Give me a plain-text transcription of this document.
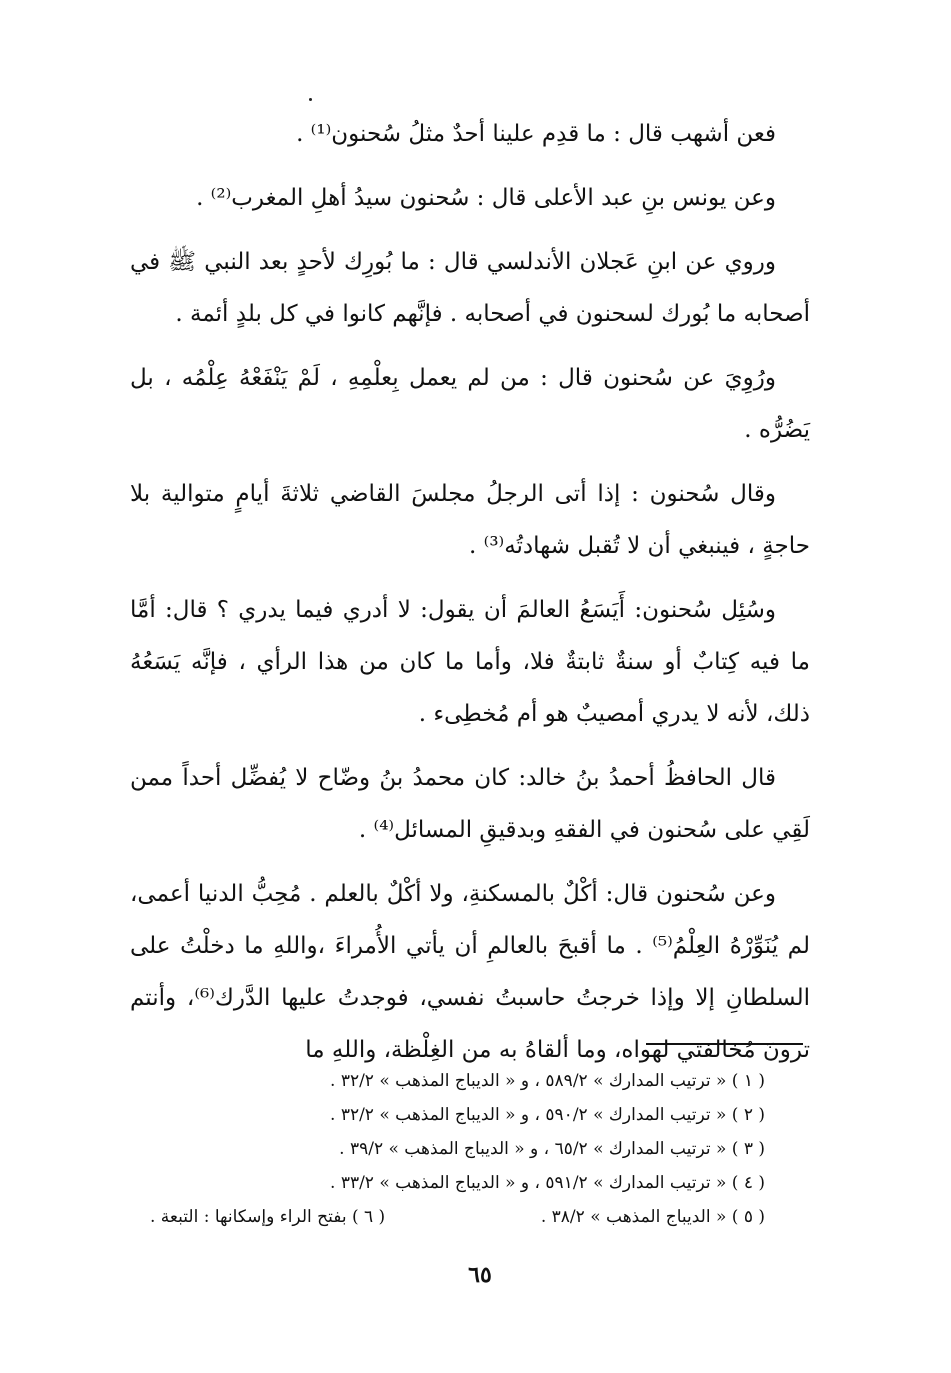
فعن أشهب قال : ما قدِم علينا أحدٌ مثلُ سُحنون⁽¹⁾ .

وعن يونس بنِ عبد الأعلى قال : سُحنون سيدُ أهلِ المغرب⁽²⁾ .

وروي عن ابنِ عَجلان الأندلسي قال : ما بُورِك لأحدٍ بعد النبي ﷺ في أصحابه ما بُورك لسحنون في أصحابه . فإنَّهم كانوا في كل بلدٍ أئمة .

ورُوِيَ عن سُحنون قال : من لم يعمل بِعلْمِهِ ، لَمْ يَنْفَعْهُ عِلْمُه ، بل يَضُرُّه .

وقال سُحنون : إذا أتى الرجلُ مجلسَ القاضي ثلاثةَ أيامٍ متوالية بلا حاجةٍ ، فينبغي أن لا تُقبل شهادتُه⁽³⁾ .

وسُئِل سُحنون: أَيَسَعُ العالمَ أن يقول: لا أدري فيما يدري ؟ قال: أمَّا ما فيه كِتابٌ أو سنةٌ ثابتةٌ فلا، وأما ما كان من هذا الرأي ، فإنَّه يَسَعُهُ ذلك، لأنه لا يدري أمصيبٌ هو أم مُخطِىء .

قال الحافظُ أحمدُ بنُ خالد: كان محمدُ بنُ وضّاح لا يُفضِّل أحداً ممن لَقِي على سُحنون في الفقهِ وبدقيقِ المسائل⁽⁴⁾ .

وعن سُحنون قال: أكْلٌ بالمسكنةِ، ولا أكْلٌ بالعلم . مُحِبُّ الدنيا أعمى، لم يُنَوِّرْهُ العِلْمُ⁽⁵⁾ . ما أقبحَ بالعالمِ أن يأتي الأُمراءَ ،واللهِ ما دخلْتُ على السلطانِ إلا وإذا خرجتُ حاسبتُ نفسي، فوجدتُ عليها الدَّرك⁽⁶⁾، وأنتم ترونَ مُخالفتي لهواه، وما ألقاهُ به من الغِلْظة، واللهِ ما

( ١ ) « ترتيب المدارك » ٥٨٩/٢ ، و « الديباج المذهب » ٣٢/٢ .
( ٢ ) « ترتيب المدارك » ٥٩٠/٢ ، و « الديباج المذهب » ٣٢/٢ .
( ٣ ) « ترتيب المدارك » ٦٥/٢ ، و « الديباج المذهب » ٣٩/٢ .
( ٤ ) « ترتيب المدارك » ٥٩١/٢ ، و « الديباج المذهب » ٣٣/٢ .
( ٥ ) « الديباج المذهب » ٣٨/٢ .
( ٦ ) بفتح الراء وإسكانها : التبعة .
٦٥
